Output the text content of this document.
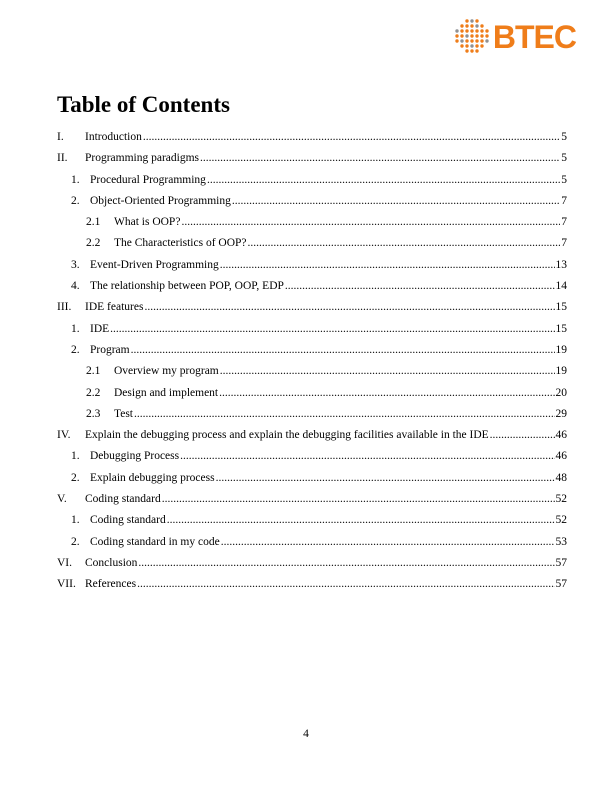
BTEC
Table of Contents
I.	Introduction .....	5
II.	Programming paradigms .....	5
1. Procedural Programming .....	5
2. Object-Oriented Programming .....	7
2.1	What is OOP? .....	7
2.2	The Characteristics of OOP? .....	7
3. Event-Driven Programming .....	13
4. The relationship between POP, OOP, EDP .....	14
III.	IDE features .....	15
1. IDE .....	15
2. Program .....	19
2.1	Overview my program .....	19
2.2	Design and implement .....	20
2.3	Test .....	29
IV.	Explain the debugging process and explain the debugging facilities available in the IDE .....	46
1. Debugging Process .....	46
2. Explain debugging process .....	48
V.	Coding standard .....	52
1. Coding standard .....	52
2. Coding standard in my code .....	53
VI.	Conclusion .....	57
VII. References .....	57
4
